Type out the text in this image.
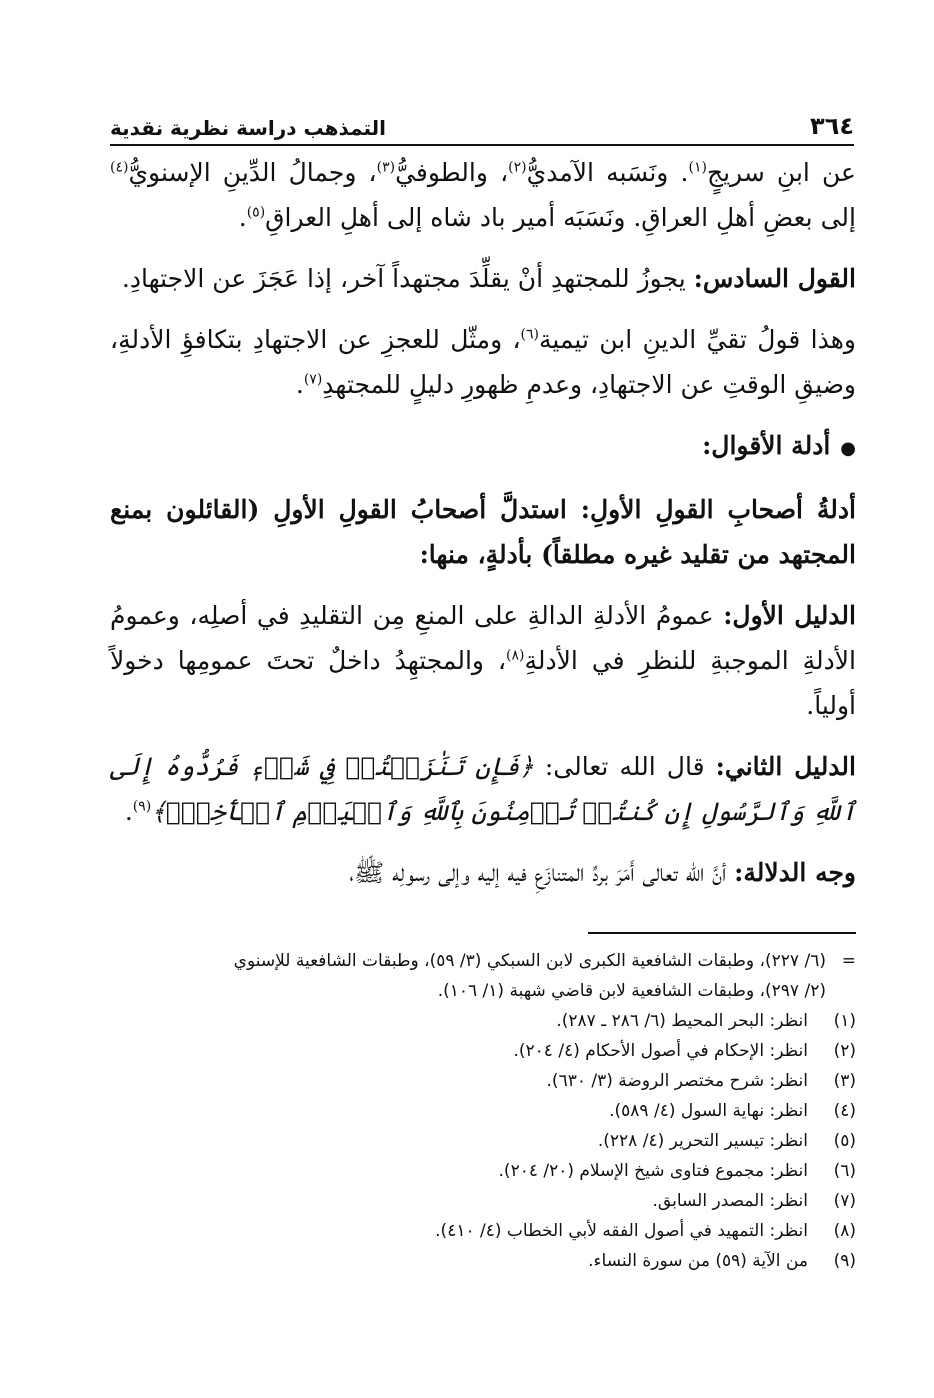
٣٦٤
التمذهب دراسة نظرية نقدية

عن ابنِ سريجٍ$^{(١)}$. ونَسَبه الآمديُّ$^{(٢)}$، والطوفيُّ$^{(٣)}$، وجمالُ الدِّينِ الإسنويُّ$^{(٤)}$ إلى بعضِ أهلِ العراقِ. ونَسَبَه أمير باد شاه إلى أهلِ العراقِ$^{(٥)}$.

القول السادس: يجوزُ للمجتهدِ أنْ يقلِّدَ مجتهداً آخر، إذا عَجَزَ عن الاجتهادِ.

وهذا قولُ تقيِّ الدينِ ابن تيمية$^{(٦)}$، ومثّل للعجزِ عن الاجتهادِ بتكافؤِ الأدلةِ، وضيقِ الوقتِ عن الاجتهادِ، وعدمِ ظهورِ دليلٍ للمجتهدِ$^{(٧)}$.

●أدلة الأقوال:

أدلةُ أصحابِ القولِ الأولِ: استدلَّ أصحابُ القولِ الأولِ (القائلون بمنع المجتهد من تقليد غيره مطلقاً) بأدلةٍ، منها:

الدليل الأول: عمومُ الأدلةِ الدالةِ على المنعِ مِن التقليدِ في أصلِه، وعمومُ الأدلةِ الموجبةِ للنظرِ في الأدلةِ$^{(٨)}$، والمجتهِدُ داخلٌ تحتَ عمومِها دخولاً أولياً.

الدليل الثاني: قال الله تعالى: ﴿فَإِن تَنَٰزَعۡتُمۡ فِي شَيۡءٖ فَرُدُّوهُ إِلَى ٱللَّهِ وَٱلرَّسُولِ إِن كُنتُمۡ تُؤۡمِنُونَ بِٱللَّهِ وَٱلۡيَوۡمِ ٱلۡأٓخِرِۚ﴾$^{(٩)}$.

وجه الدلالة: أنَّ الله تعالى أَمَرَ بردِّ المتنازَعِ فيه إليه وإلى رسولِه ﷺ،

=
(٦/ ٢٢٧)، وطبقات الشافعية الكبرى لابن السبكي (٣/ ٥٩)، وطبقات الشافعية للإسنوي
(٢/ ٢٩٧)، وطبقات الشافعية لابن قاضي شهبة (١/ ١٠٦).
(١)
انظر: البحر المحيط (٦/ ٢٨٦ ـ ٢٨٧).
(٢)
انظر: الإحكام في أصول الأحكام (٤/ ٢٠٤).
(٣)
انظر: شرح مختصر الروضة (٣/ ٦٣٠).
(٤)
انظر: نهاية السول (٤/ ٥٨٩).
(٥)
انظر: تيسير التحرير (٤/ ٢٢٨).
(٦)
انظر: مجموع فتاوى شيخ الإسلام (٢٠/ ٢٠٤).
(٧)
انظر: المصدر السابق.
(٨)
انظر: التمهيد في أصول الفقه لأبي الخطاب (٤/ ٤١٠).
(٩)
من الآية (٥٩) من سورة النساء.
